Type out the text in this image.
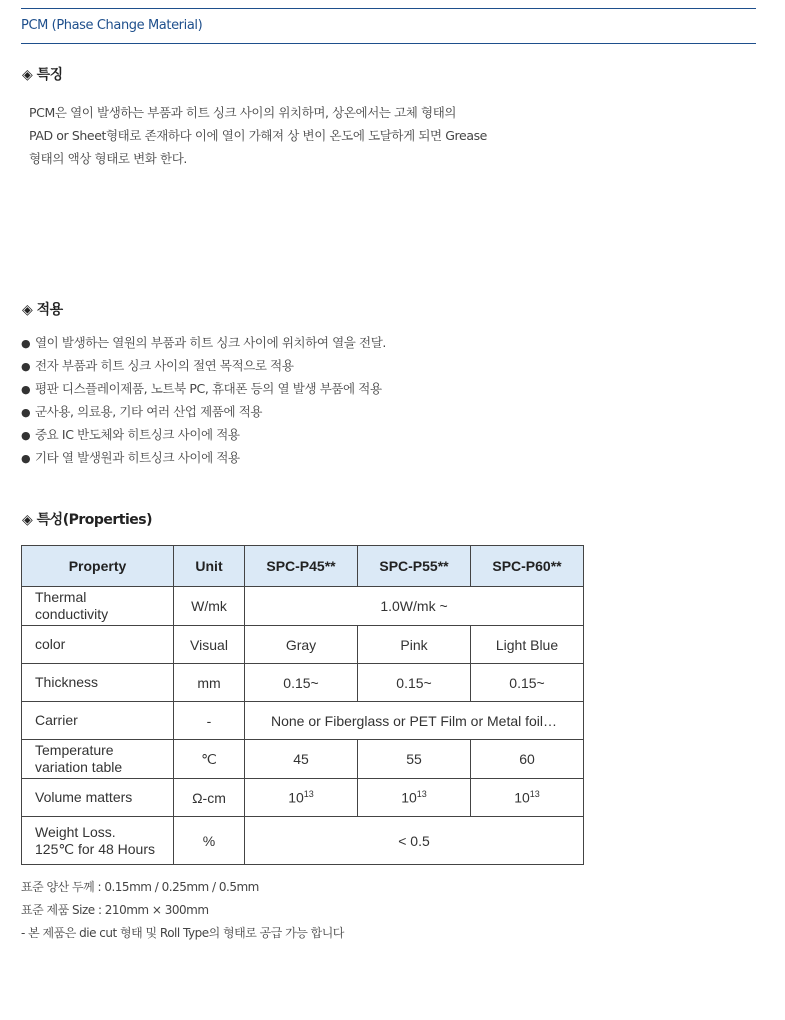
PCM (Phase Change Material)
◈ 특징
PCM은 열이 발생하는 부품과 히트 싱크 사이의 위치하며, 상온에서는 고체 형태의
PAD or Sheet형태로 존재하다 이에 열이 가해져 상 변이 온도에 도달하게 되면 Grease
형태의 액상 형태로 변화 한다.
◈ 적용
● 열이 발생하는 열원의 부품과 히트 싱크 사이에 위치하여 열을 전달.
● 전자 부품과 히트 싱크 사이의 절연 목적으로 적용
● 평판 디스플레이제품, 노트북 PC, 휴대폰 등의 열 발생 부품에 적용
● 군사용, 의료용, 기타 여러 산업 제품에 적용
● 중요 IC 반도체와 히트싱크 사이에 적용
● 기타 열 발생원과 히트싱크 사이에 적용
◈ 특성(Properties)
Property	Unit	SPC-P45**	SPC-P55**	SPC-P60**

Thermal
conductivity	W/mk	1.0W/mk ~		
color	Visual	Gray	Pink	Light Blue
Thickness	mm	0.15~	0.15~	0.15~
Carrier	-	None or Fiberglass or PET Film or Metal foil…		

Temperature
variation table	℃	45	55	60
Volume matters	Ω-cm	$10^{13}$	$10^{13}$	$10^{13}$

Weight Loss.
125℃ for 48 Hours	%	< 0.5		
표준 양산 두께 : 0.15mm / 0.25mm / 0.5mm
표준 제품 Size : 210mm × 300mm
- 본 제품은 die cut 형태 및 Roll Type의 형태로 공급 가능 합니다
